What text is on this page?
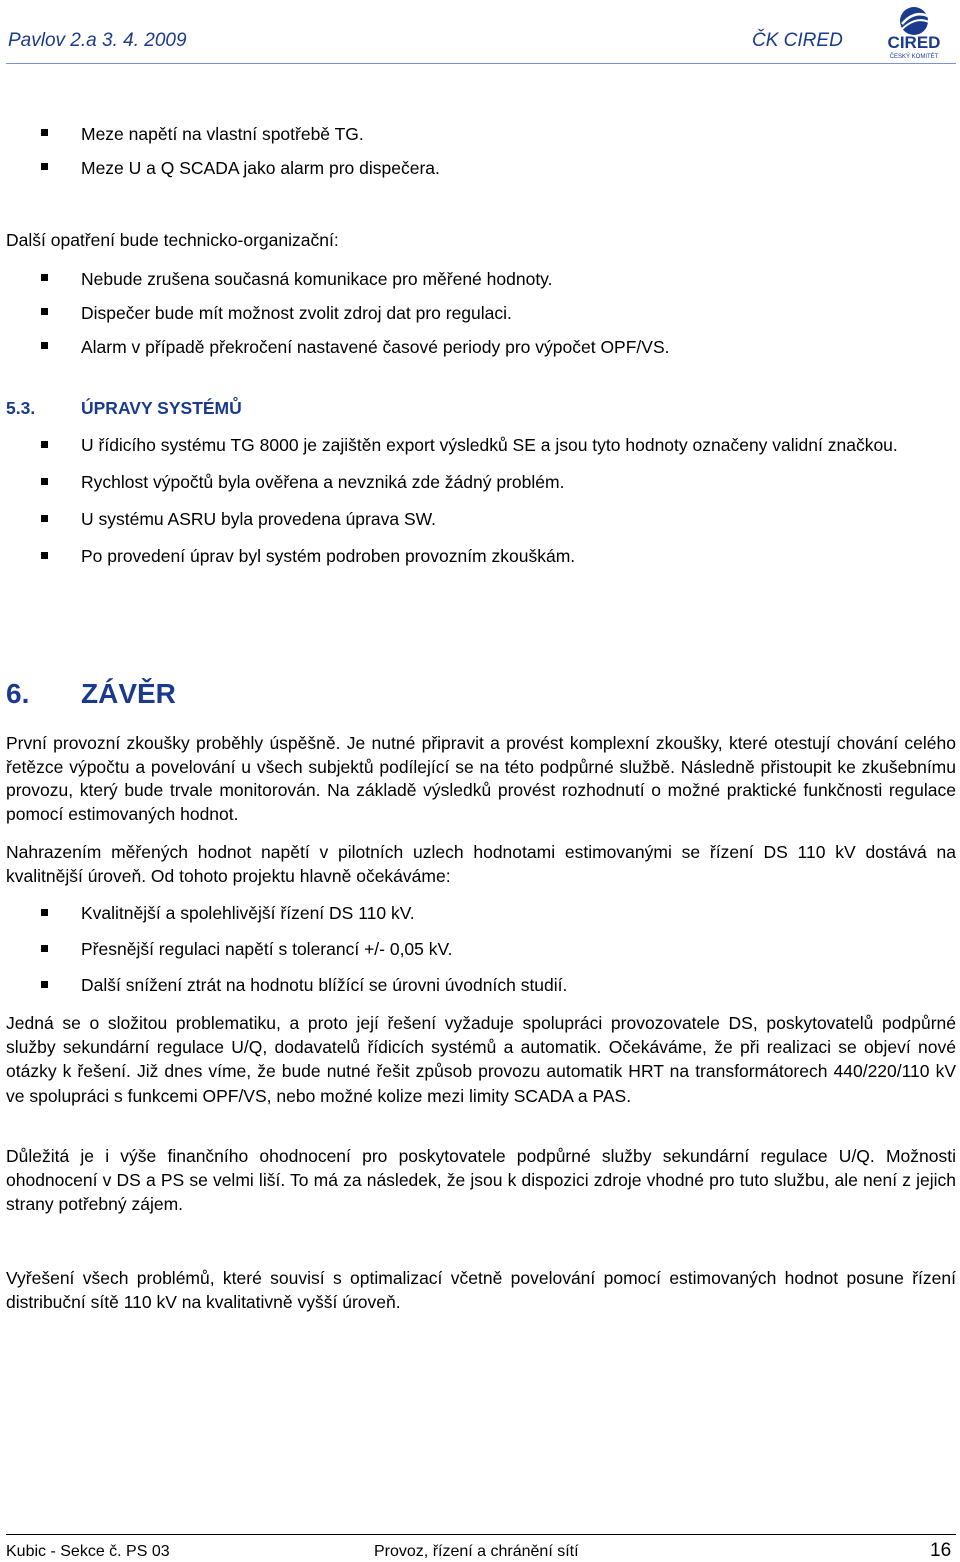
Pavlov 2.a 3. 4. 2009	ČK CIRED	CIRED
ČESKÝ KOMITÉT
Meze napětí na vlastní spotřebě TG.
Meze U a Q SCADA jako alarm pro dispečera.

Další opatření bude technicko-organizační:

Nebude zrušena současná komunikace pro měřené hodnoty.
Dispečer bude mít možnost zvolit zdroj dat pro regulaci.
Alarm v případě překročení nastavené časové periody pro výpočet OPF/VS.
5.3.	ÚPRAVY SYSTÉMŮ
U řídicího systému TG 8000 je zajištěn export výsledků SE a jsou tyto hodnoty označeny validní značkou.
Rychlost výpočtů byla ověřena a nevzniká zde žádný problém.
U systému ASRU byla provedena úprava SW.
Po provedení úprav byl systém podroben provozním zkouškám.
6. ZÁVĚR

První provozní zkoušky proběhly úspěšně. Je nutné připravit a provést komplexní zkoušky, které otestují chování celého řetězce výpočtu a povelování u všech subjektů podílející se na této podpůrné službě. Následně přistoupit ke zkušebnímu provozu, který bude trvale monitorován. Na základě výsledků provést rozhodnutí o možné praktické funkčnosti regulace pomocí estimovaných hodnot.

Nahrazením měřených hodnot napětí v pilotních uzlech hodnotami estimovanými se řízení DS 110 kV dostává na kvalitnější úroveň. Od tohoto projektu hlavně očekáváme:

Kvalitnější a spolehlivější řízení DS 110 kV.
Přesnější regulaci napětí s tolerancí +/- 0,05 kV.
Další snížení ztrát na hodnotu blížící se úrovni úvodních studií.

Jedná se o složitou problematiku, a proto její řešení vyžaduje spolupráci provozovatele DS, poskytovatelů podpůrné služby sekundární regulace U/Q, dodavatelů řídicích systémů a automatik. Očekáváme, že při realizaci se objeví nové otázky k řešení. Již dnes víme, že bude nutné řešit způsob provozu automatik HRT na transformátorech 440/220/110 kV ve spolupráci s funkcemi OPF/VS, nebo možné kolize mezi limity SCADA a PAS.

Důležitá je i výše finančního ohodnocení pro poskytovatele podpůrné služby sekundární regulace U/Q. Možnosti ohodnocení v DS a PS se velmi liší. To má za následek, že jsou k dispozici zdroje vhodné pro tuto službu, ale není z jejich strany potřebný zájem.

Vyřešení všech problémů, které souvisí s optimalizací včetně povelování pomocí estimovaných hodnot posune řízení distribuční sítě 110 kV na kvalitativně vyšší úroveň.

Kubic - Sekce č. PS 03	Provoz, řízení a chránění sítí	16
